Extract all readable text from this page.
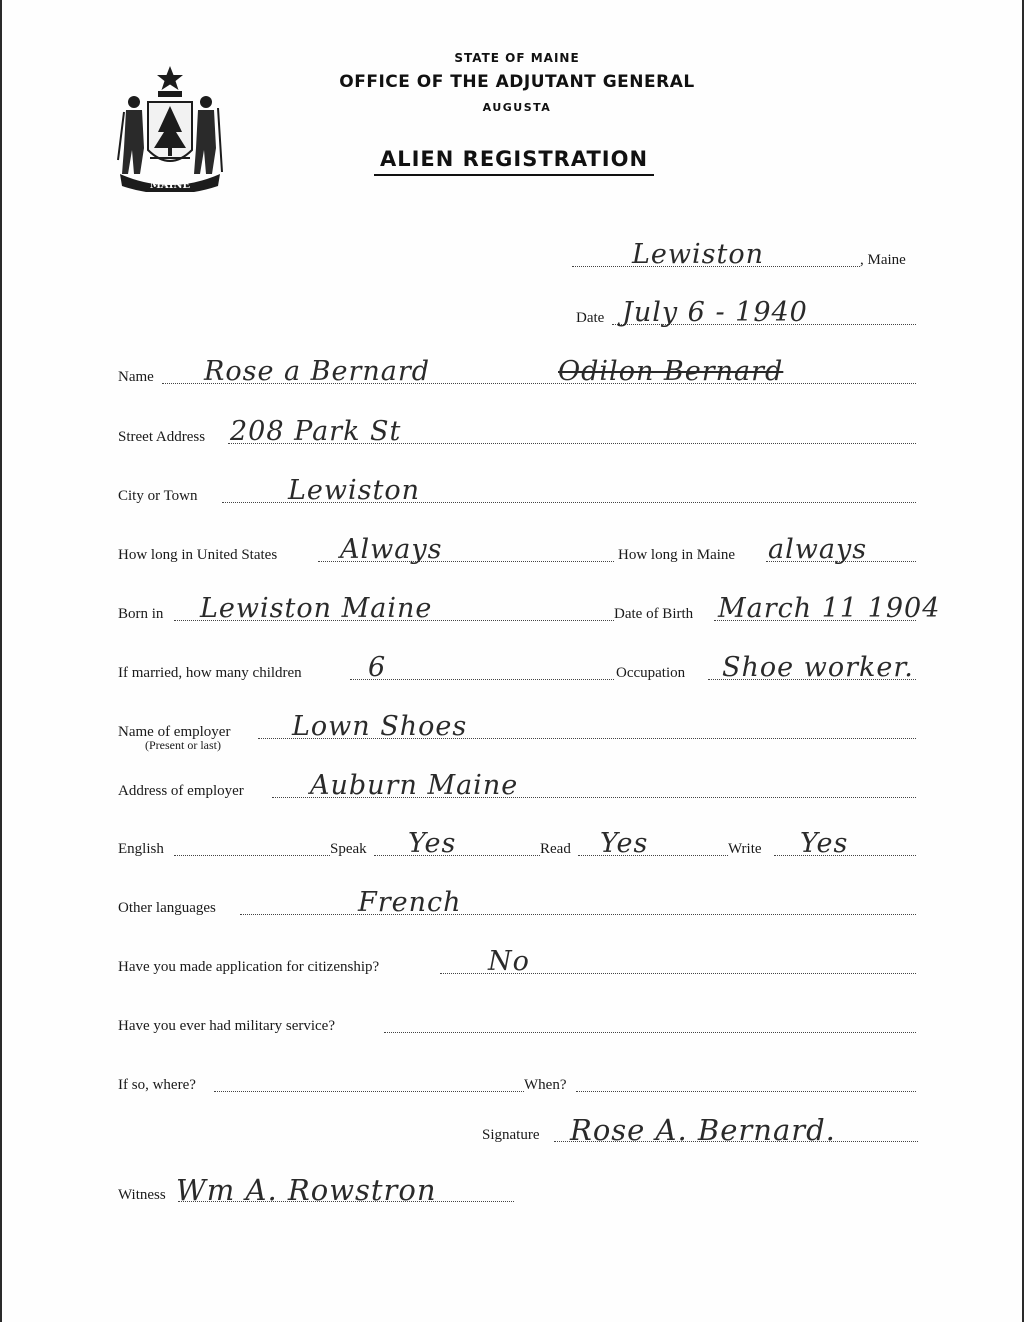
MAINE
STATE OF MAINE
OFFICE OF THE ADJUTANT GENERAL
AUGUSTA
ALIEN REGISTRATION
Lewiston	, Maine
Date July 6 - 1940
Name Rose a Bernard	Odilon Bernard
Street Address 208 Park St
City or Town	Lewiston
How long in United States Always	How long in Maine always
Born in Lewiston Maine	Date of Birth March 11 1904
If married, how many children 6	Occupation Shoe worker.
Name of employer Lown Shoes
(Present or last)
Address of employer Auburn Maine
English	Speak Yes	Read Yes	Write Yes
Other languages	French
Have you made application for citizenship?	No
Have you ever had military service?
If so, where?	When?
Signature Rose A. Bernard.
Witness Wm A. Rowstron
